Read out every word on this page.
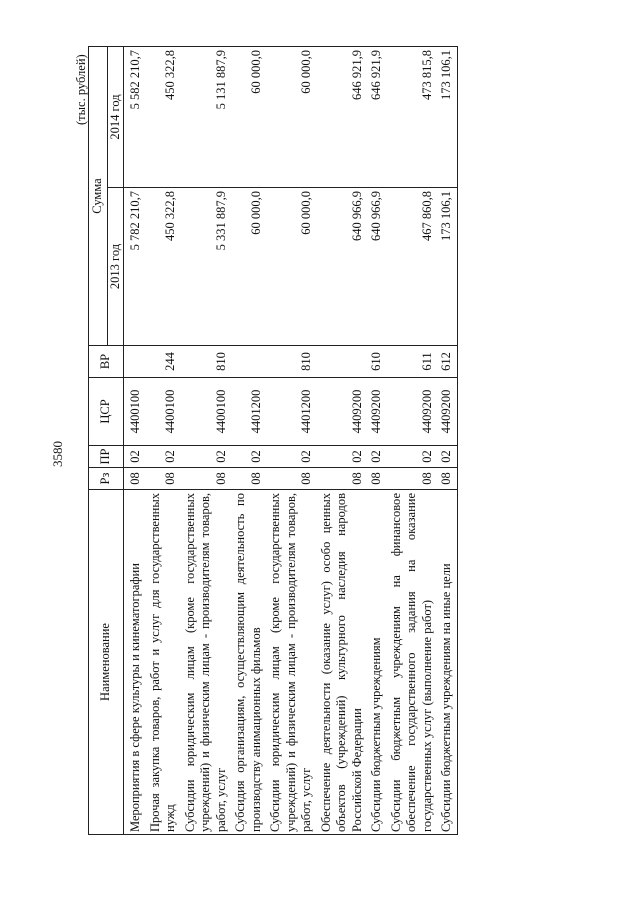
3580
(тыс. рублей)
Наименование	Рз	ПР	ЦСР	ВР	Сумма	
					2013 год	2014 год
Мероприятия в сфере культуры и кинематографии	08	02	4400100		5 782 210,7	5 582 210,7
Прочая закупка товаров, работ и услуг для государственных нужд	08	02	4400100	244	450 322,8	450 322,8
Субсидии юридическим лицам (кроме государственных учреждений) и физическим лицам - производителям товаров, работ, услуг	08	02	4400100	810	5 331 887,9	5 131 887,9
Субсидия организациям, осуществляющим деятельность по производству анимационных фильмов	08	02	4401200		60 000,0	60 000,0
Субсидии юридическим лицам (кроме государственных учреждений) и физическим лицам - производителям товаров, работ, услуг	08	02	4401200	810	60 000,0	60 000,0
Обеспечение деятельности (оказание услуг) особо ценных объектов (учреждений) культурного наследия народов Российской Федерации	08	02	4409200		640 966,9	646 921,9
Субсидии бюджетным учреждениям	08	02	4409200	610	640 966,9	646 921,9
Субсидии бюджетным учреждениям на финансовое обеспечение государственного задания на оказание государственных услуг (выполнение работ)	08	02	4409200	611	467 860,8	473 815,8
Субсидии бюджетным учреждениям на иные цели	08	02	4409200	612	173 106,1	173 106,1
